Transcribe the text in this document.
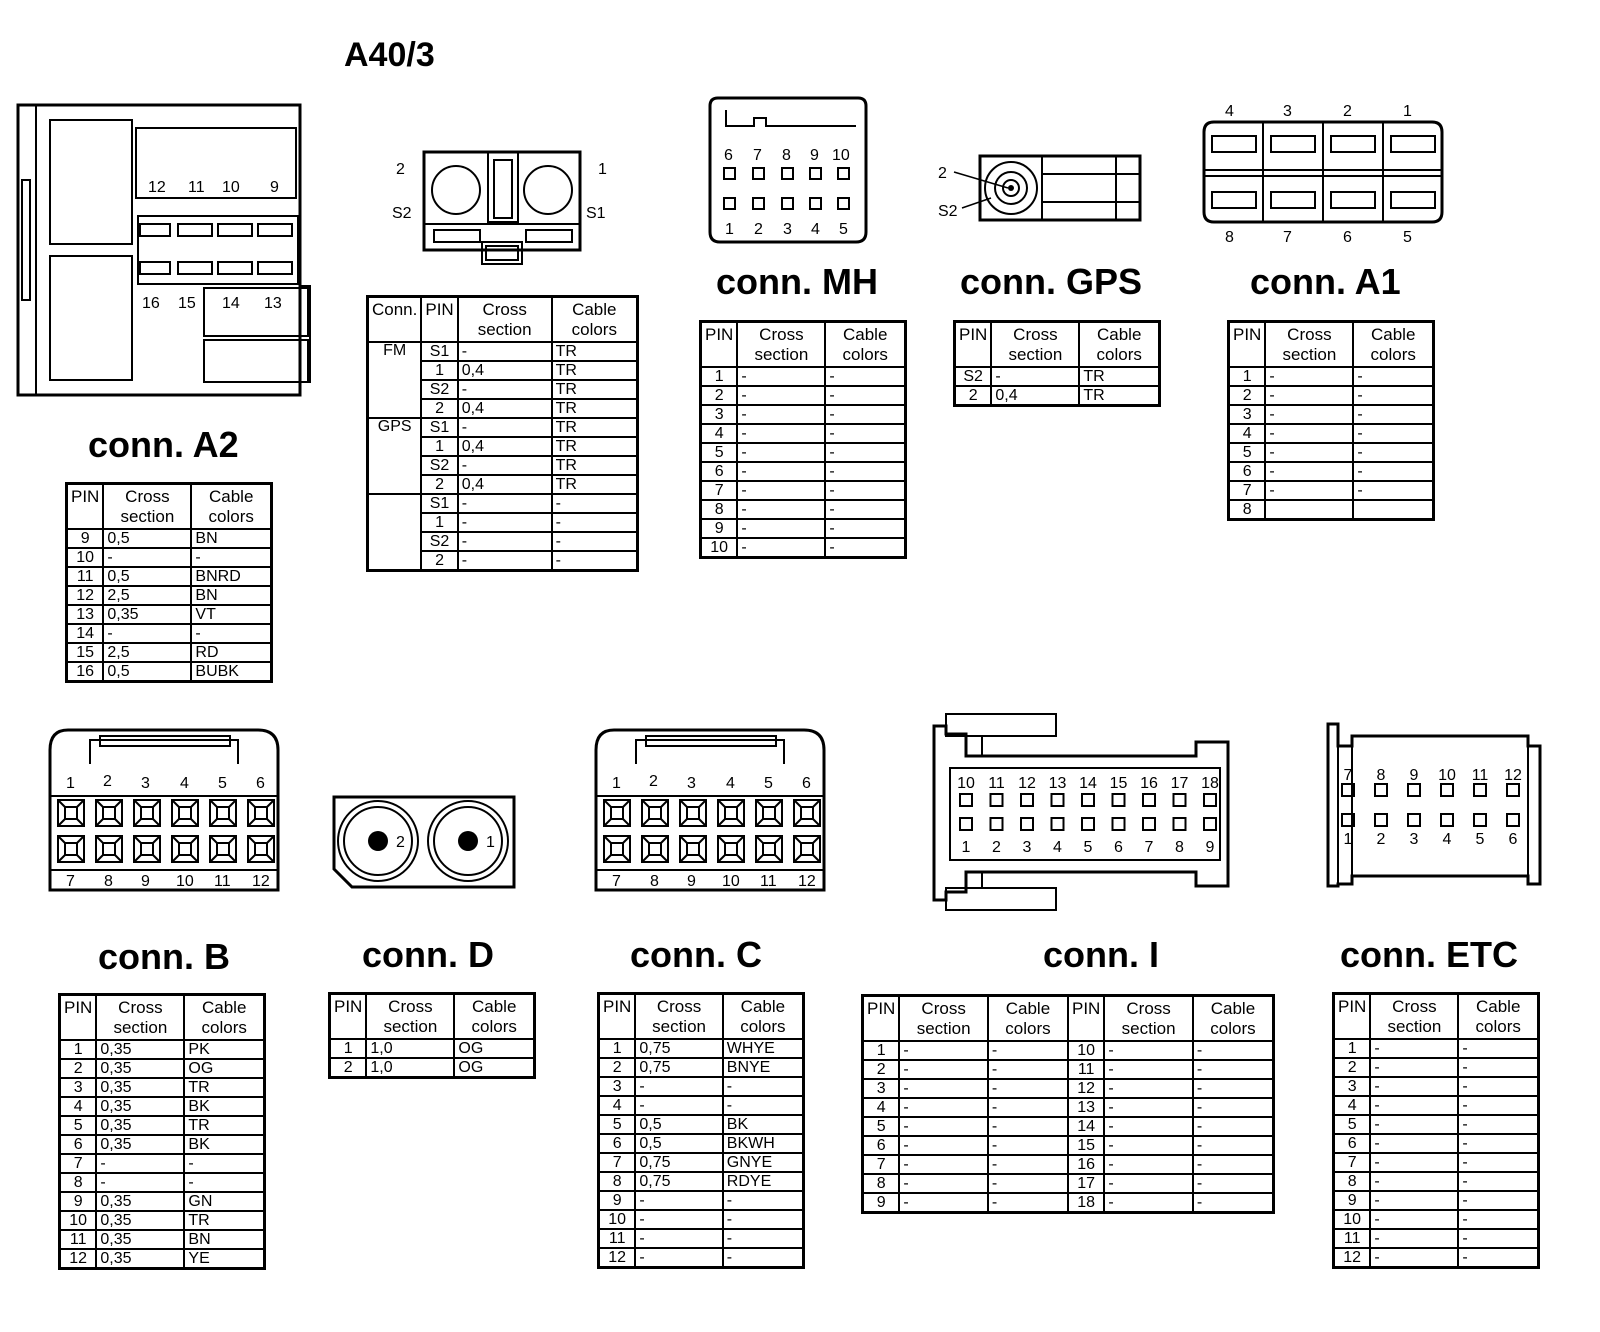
A40/3
12 11 10 9
16 15 14 13
conn. A2
PIN	Cross section	Cable colors
9	0,5	BN
10	-	-
11	0,5	BNRD
12	2,5	BN
13	0,35	VT
14	-	-
15	2,5	RD
16	0,5	BUBK
2	1
S2	S1
Conn.	PIN	Cross section	Cable colors
FM	S1	-	TR
	1	0,4	TR
	S2	-	TR
	2	0,4	TR
GPS	S1	-	TR
	1	0,4	TR
	S2	-	TR
	2	0,4	TR
	S1	-	-
	1	-	-
	S2	-	-
	2	-	-
6 7 8 9 10
1 2 3 4 5
conn. MH
PIN	Cross section	Cable colors
1	-	-
2	-	-
3	-	-
4	-	-
5	-	-
6	-	-
7	-	-
8	-	-
9	-	-
10	-	-
2
S2
conn. GPS
PIN	Cross section	Cable colors
S2	-	TR
2	0,4	TR
4	3	2	1
8	7	6	5
conn. A1
PIN	Cross section	Cable colors
1	-	-
2	-	-
3	-	-
4	-	-
5	-	-
6	-	-
7	-	-
8		
1 2 3 4 5 6
7 8 9 10 11 12
conn. B
PIN	Cross section	Cable colors
1	0,35	PK
2	0,35	OG
3	0,35	TR
4	0,35	BK
5	0,35	TR
6	0,35	BK
7	-	-
8	-	-
9	0,35	GN
10	0,35	TR
11	0,35	BN
12	0,35	YE
2	1
conn. D
PIN	Cross section	Cable colors
1	1,0	OG
2	1,0	OG
1 2 3 4 5 6
7 8 9 10 11 12
conn. C
PIN	Cross section	Cable colors
1	0,75	WHYE
2	0,75	BNYE
3	-	-
4	-	-
5	0,5	BK
6	0,5	BKWH
7	0,75	GNYE
8	0,75	RDYE
9	-	-
10	-	-
11	-	-
12	-	-
10 11 12 13 14 15 16 17 18
1 2 3 4 5 6 7 8 9
conn. I
PIN	Cross section	Cable colors	PIN	Cross section	Cable colors
1	-	-	10	-	-
2	-	-	11	-	-
3	-	-	12	-	-
4	-	-	13	-	-
5	-	-	14	-	-
6	-	-	15	-	-
7	-	-	16	-	-
8	-	-	17	-	-
9	-	-	18	-	-
7 8 9 10 11 12
1 2 3 4 5 6
conn. ETC
PIN	Cross section	Cable colors
1	-	-
2	-	-
3	-	-
4	-	-
5	-	-
6	-	-
7	-	-
8	-	-
9	-	-
10	-	-
11	-	-
12	-	-
